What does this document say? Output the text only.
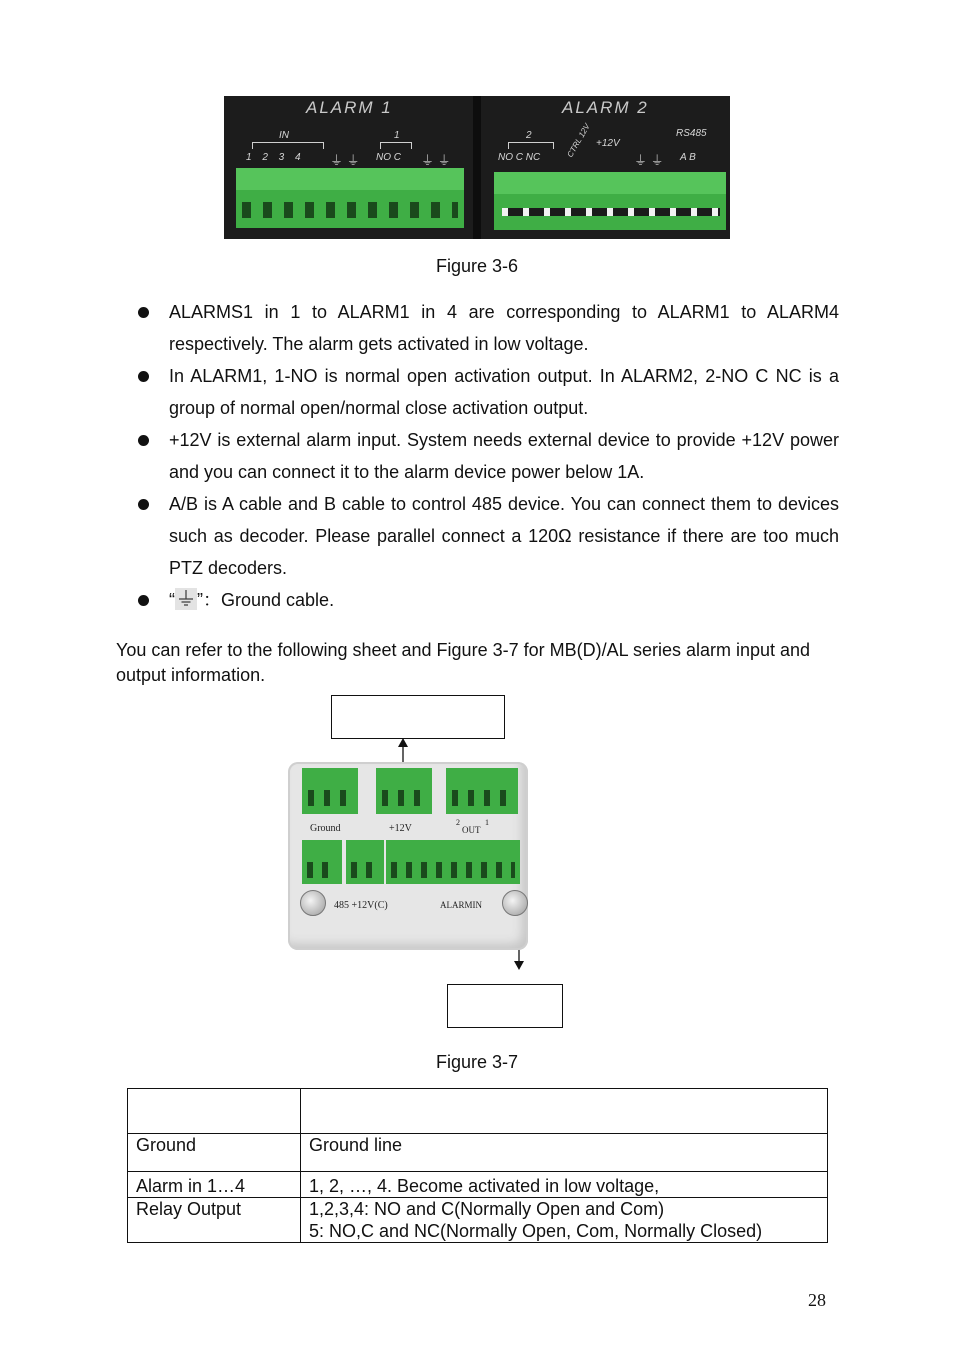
ALARM 1	ALARM 2
IN
1 2 3 4
1
NO C
⏚ ⏚	⏚ ⏚
2
NO C NC	CTRL 12V +12V
⏚ ⏚
RS485
A B
Figure 3-6
ALARMS1 in 1 to ALARM1 in 4 are corresponding to ALARM1 to ALARM4 respectively. The alarm gets activated in low voltage.
In ALARM1, 1-NO is normal open activation output. In ALARM2, 2-NO C NC is a group of normal open/normal close activation output.
+12V is external alarm input. System needs external device to provide +12V power and you can connect it to the alarm device power below 1A.
A/B is A cable and B cable to control 485 device. You can connect them to devices such as decoder. Please parallel connect a 120Ω resistance if there are too much PTZ decoders.
“ ”：Ground cable.
You can refer to the following sheet and Figure 3-7 for MB(D)/AL series alarm input and output information.
Ground	+12V
2
OUT
1
485 +12V(C)	ALARMIN
Figure 3-7

Ground	Ground line
Alarm in 1…4	1, 2, …, 4. Become activated in low voltage,
Relay Output	1,2,3,4: NO and C(Normally Open and Com)
5: NO,C and NC(Normally Open, Com, Normally Closed)
28
